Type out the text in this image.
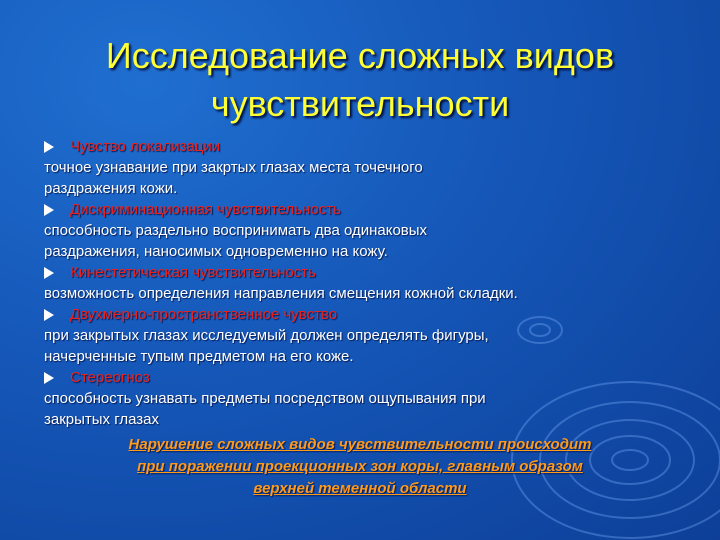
Исследование сложных видов
чувствительности
Чувство локализации
точное узнавание при закртых глазах места точечного
раздражения кожи.
Дискриминационная чувствительность
способность раздельно воспринимать два одинаковых
раздражения, наносимых одновременно на кожу.
Кинестетическая чувствительность
возможность определения направления смещения кожной складки.
Двухмерно-пространственное чувство
при закрытых глазах исследуемый должен определять фигуры,
начерченные тупым предметом на его коже.
Стереогноз
способность узнавать предметы посредством ощупывания при
закрытых глазах
Нарушение сложных видов чувствительности происходит
при поражении проекционных зон коры, главным образом
верхней теменной области
